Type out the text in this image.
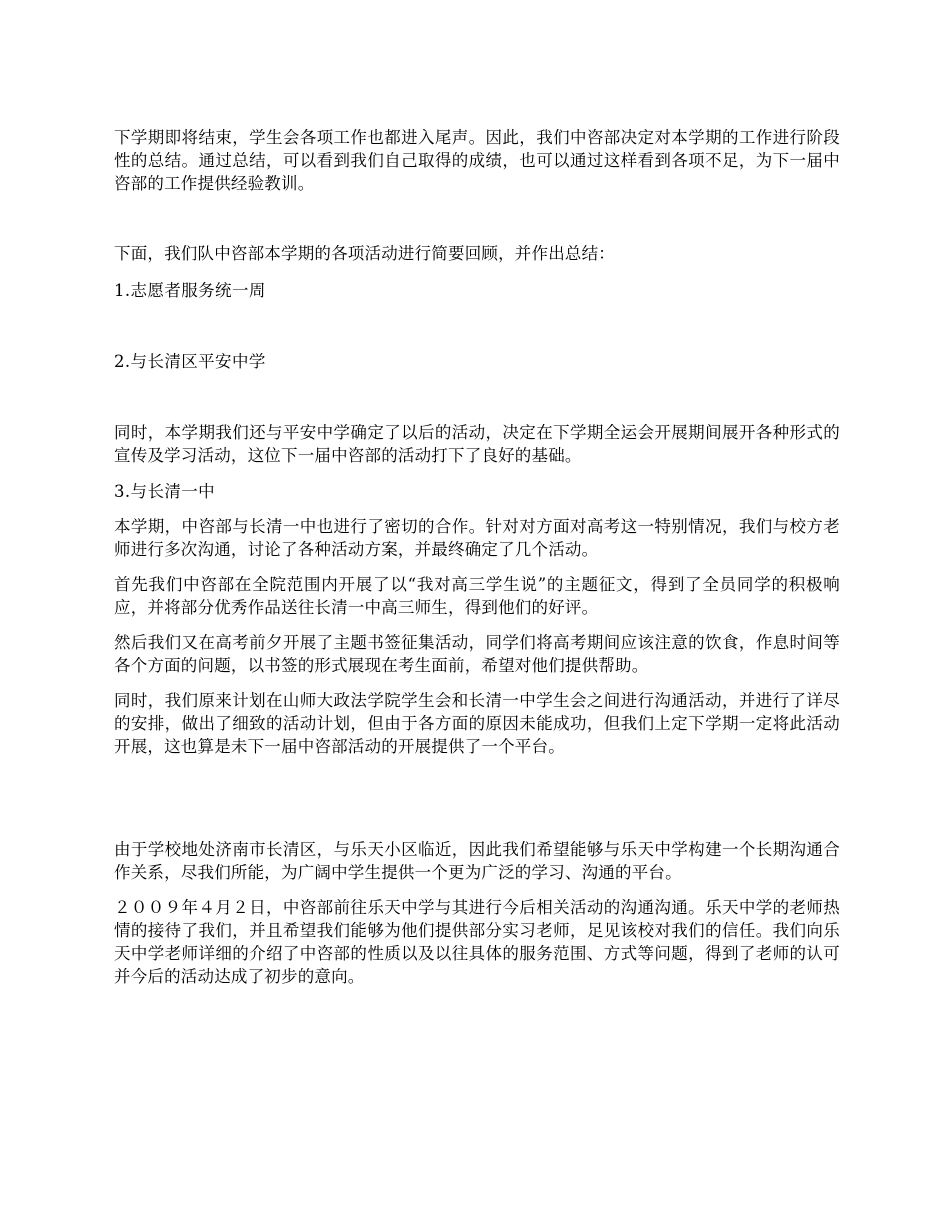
下学期即将结束，学生会各项工作也都进入尾声。因此，我们中咨部决定对本学期的工作进行阶段性的总结。通过总结，可以看到我们自己取得的成绩，也可以通过这样看到各项不足，为下一届中咨部的工作提供经验教训。

下面，我们队中咨部本学期的各项活动进行简要回顾，并作出总结：

1.志愿者服务统一周

2.与长清区平安中学

同时，本学期我们还与平安中学确定了以后的活动，决定在下学期全运会开展期间展开各种形式的宣传及学习活动，这位下一届中咨部的活动打下了良好的基础。

3.与长清一中

本学期，中咨部与长清一中也进行了密切的合作。针对对方面对高考这一特别情况，我们与校方老师进行多次沟通，讨论了各种活动方案，并最终确定了几个活动。

首先我们中咨部在全院范围内开展了以“我对高三学生说”的主题征文，得到了全员同学的积极响应，并将部分优秀作品送往长清一中高三师生，得到他们的好评。

然后我们又在高考前夕开展了主题书签征集活动，同学们将高考期间应该注意的饮食，作息时间等各个方面的问题，以书签的形式展现在考生面前，希望对他们提供帮助。

同时，我们原来计划在山师大政法学院学生会和长清一中学生会之间进行沟通活动，并进行了详尽的安排，做出了细致的活动计划，但由于各方面的原因未能成功，但我们上定下学期一定将此活动开展，这也算是未下一届中咨部活动的开展提供了一个平台。

由于学校地处济南市长清区，与乐天小区临近，因此我们希望能够与乐天中学构建一个长期沟通合作关系，尽我们所能，为广阔中学生提供一个更为广泛的学习、沟通的平台。

２００９年４月２日，中咨部前往乐天中学与其进行今后相关活动的沟通沟通。乐天中学的老师热情的接待了我们，并且希望我们能够为他们提供部分实习老师，足见该校对我们的信任。我们向乐天中学老师详细的介绍了中咨部的性质以及以往具体的服务范围、方式等问题，得到了老师的认可并今后的活动达成了初步的意向。
